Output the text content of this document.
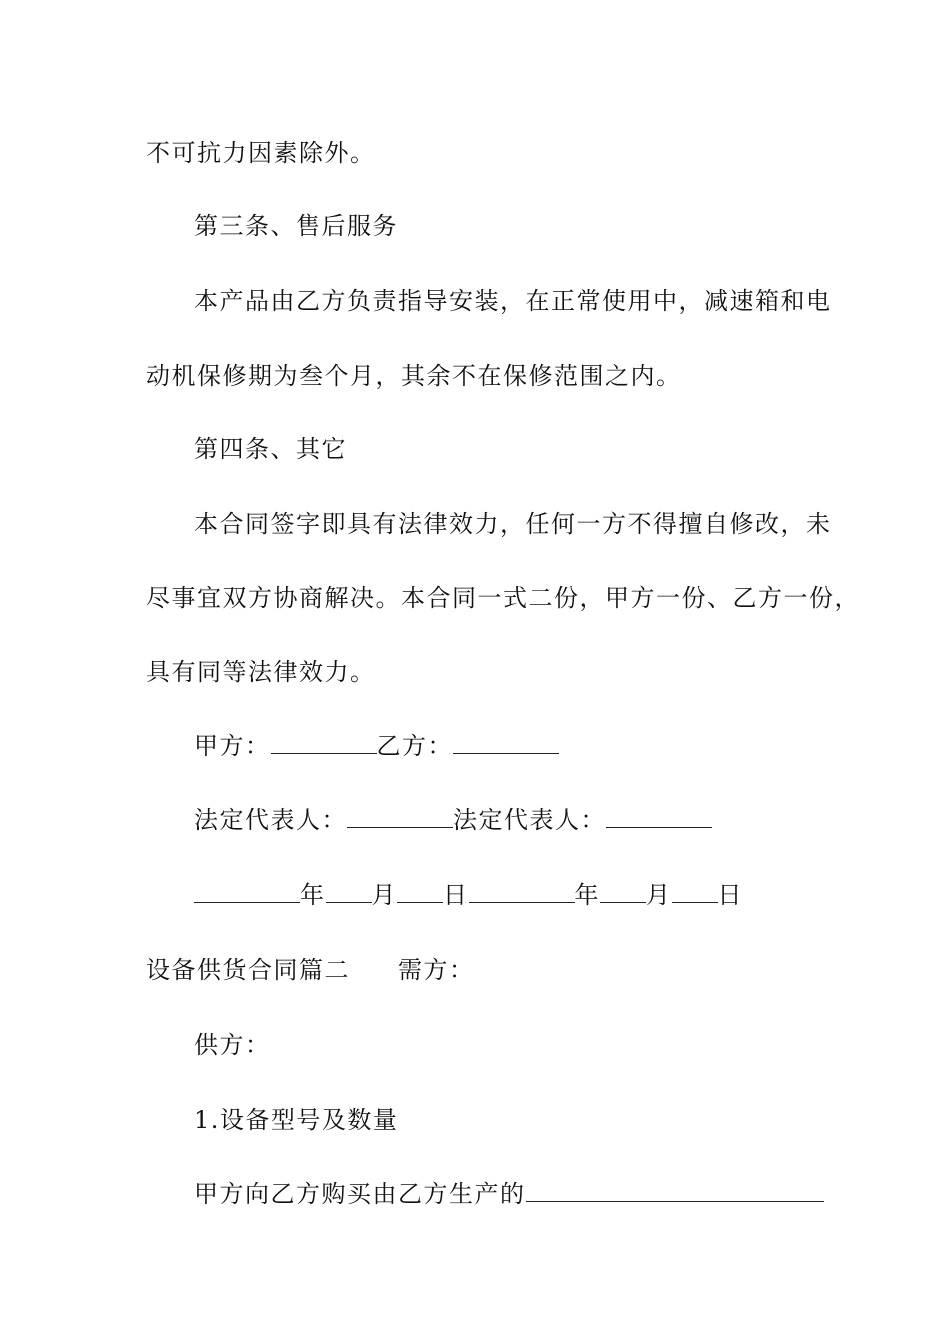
不可抗力因素除外。
第三条、售后服务
本产品由乙方负责指导安装，在正常使用中，减速箱和电
动机保修期为叁个月，其余不在保修范围之内。
第四条、其它
本合同签字即具有法律效力，任何一方不得擅自修改，未
尽事宜双方协商解决。本合同一式二份，甲方一份、乙方一份，
具有同等法律效力。
甲方：	乙方：
法定代表人：	法定代表人：
年 月 日	年 月 日
设备供货合同篇二 需方：
供方：
1.设备型号及数量
甲方向乙方购买由乙方生产的
